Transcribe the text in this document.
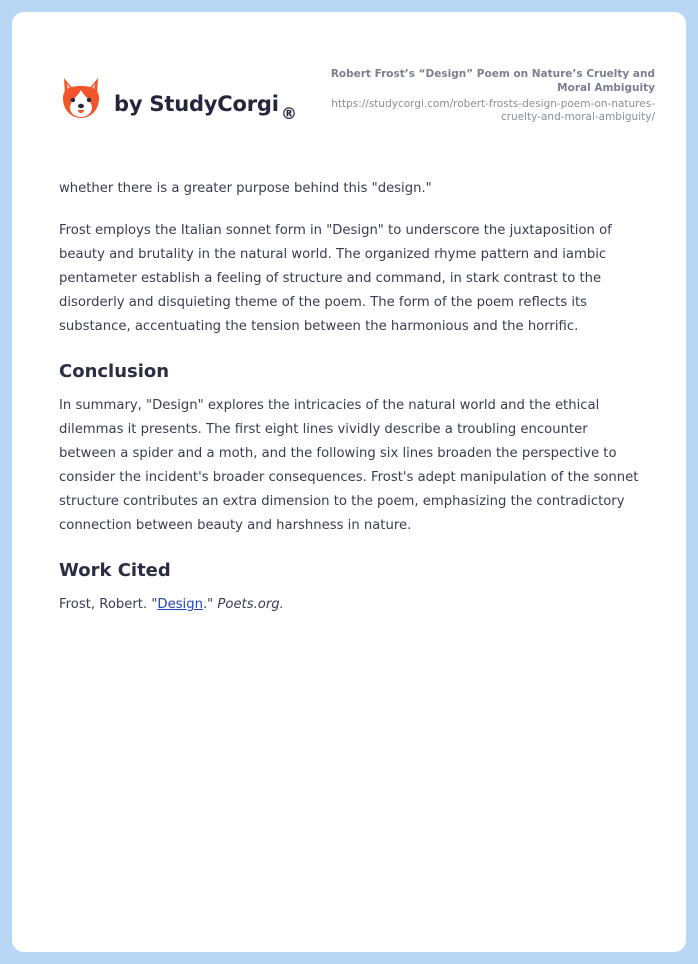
by StudyCorgi ®
Robert Frost’s “Design” Poem on Nature’s Cruelty and Moral Ambiguity
https://studycorgi.com/robert-frosts-design-poem-on-natures-cruelty-and-moral-ambiguity/

whether there is a greater purpose behind this "design."

Frost employs the Italian sonnet form in "Design" to underscore the juxtaposition of beauty and brutality in the natural world. The organized rhyme pattern and iambic pentameter establish a feeling of structure and command, in stark contrast to the disorderly and disquieting theme of the poem. The form of the poem reflects its substance, accentuating the tension between the harmonious and the horrific.

Conclusion

In summary, "Design" explores the intricacies of the natural world and the ethical dilemmas it presents. The first eight lines vividly describe a troubling encounter between a spider and a moth, and the following six lines broaden the perspective to consider the incident's broader consequences. Frost's adept manipulation of the sonnet structure contributes an extra dimension to the poem, emphasizing the contradictory connection between beauty and harshness in nature.

Work Cited

Frost, Robert. "Design." Poets.org.
